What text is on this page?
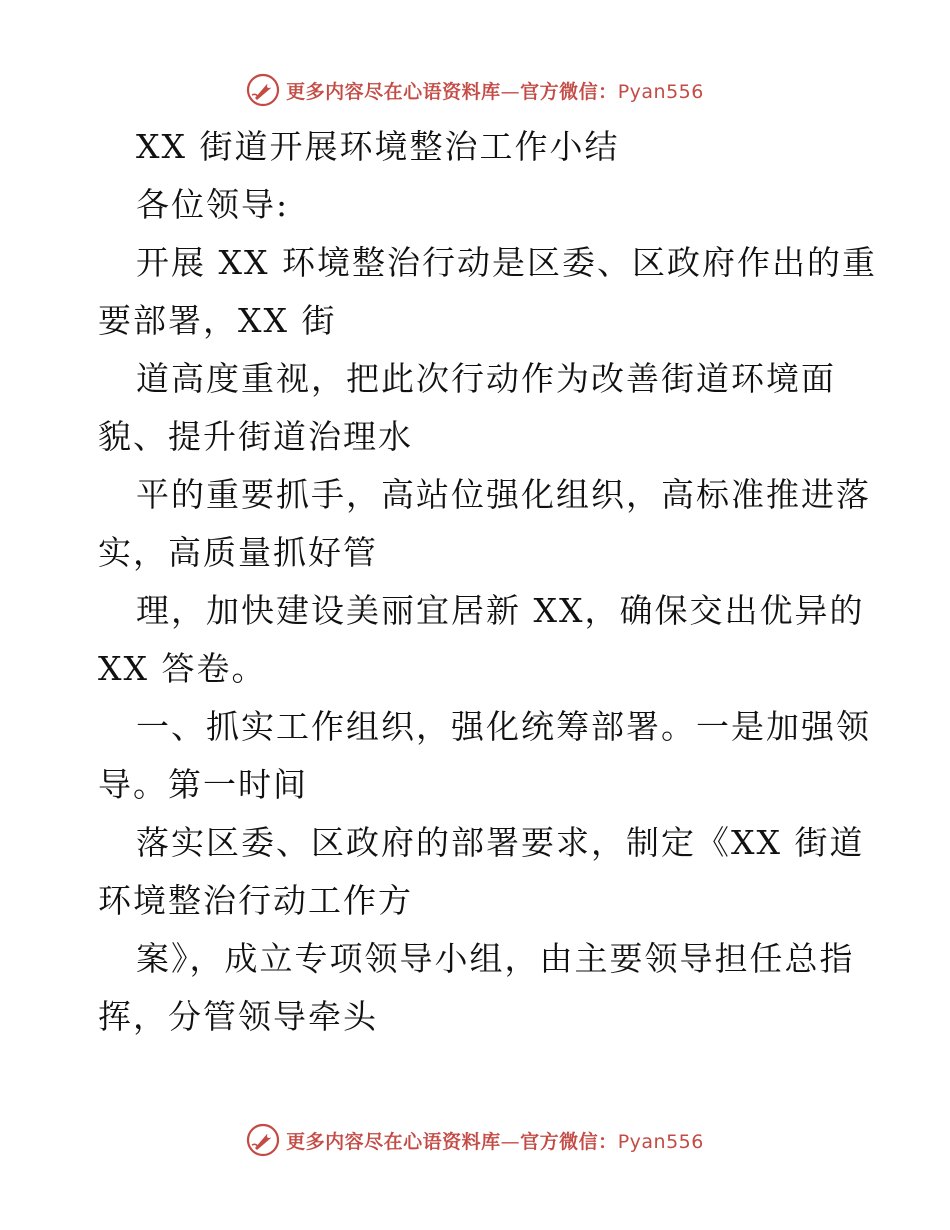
更多内容尽在心语资料库—官方微信：Pyan556
XX 街道开展环境整治工作小结
各位领导:
开展 XX 环境整治行动是区委、区政府作出的重
要部署，XX 街
道高度重视，把此次行动作为改善街道环境面
貌、提升街道治理水
平的重要抓手，高站位强化组织，高标准推进落
实，高质量抓好管
理，加快建设美丽宜居新 XX，确保交出优异的
XX 答卷。
一、抓实工作组织，强化统筹部署。一是加强领
导。第一时间
落实区委、区政府的部署要求，制定《XX 街道
环境整治行动工作方
案》，成立专项领导小组，由主要领导担任总指
挥，分管领导牵头
更多内容尽在心语资料库—官方微信：Pyan556
